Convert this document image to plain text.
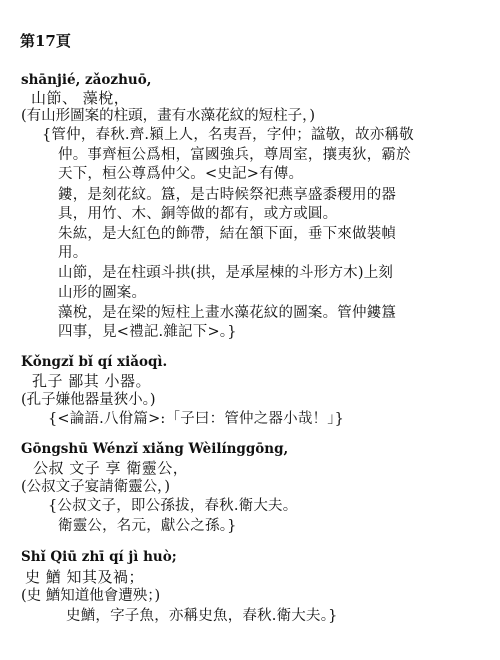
第17頁
shānjié, zǎozhuō,
山節、 藻梲，
(有山形圖案的柱頭，畫有水藻花紋的短柱子，)
{管仲，春秋.齊.潁上人，名夷吾，字仲；諡敬，故亦稱敬
仲。事齊桓公爲相，富國強兵，尊周室，攘夷狄，霸於
天下，桓公尊爲仲父。<史記>有傳。
鏤，是刻花紋。簋，是古時候祭祀燕享盛黍稷用的器
具，用竹、木、銅等做的都有，或方或圓。
朱紘，是大紅色的飾帶，結在頷下面，垂下來做裝幀
用。
山節，是在柱頭斗拱(拱，是承屋棟的斗形方木)上刻
山形的圖案。
藻梲，是在梁的短柱上畫水藻花紋的圖案。管仲鏤簋
四事，見<禮記.雜記下>。}
Kǒngzǐ bǐ qí xiǎoqì.
孔子 鄙其 小器。
(孔子嫌他器量狹小。)
{<論語.八佾篇>:「子曰：管仲之器小哉！」}
Gōngshū Wénzǐ xiǎng Wèilínggōng,
公叔 文子 享 衛靈公，
(公叔文子宴請衛靈公，)
{公叔文子，即公孫拔，春秋.衛大夫。
衛靈公，名元，獻公之孫。}
Shǐ Qiū zhī qí jì huò;
史 鰌 知其及禍；
(史 鰌知道他會遭殃；)
史鰌，字子魚，亦稱史魚，春秋.衛大夫。}
